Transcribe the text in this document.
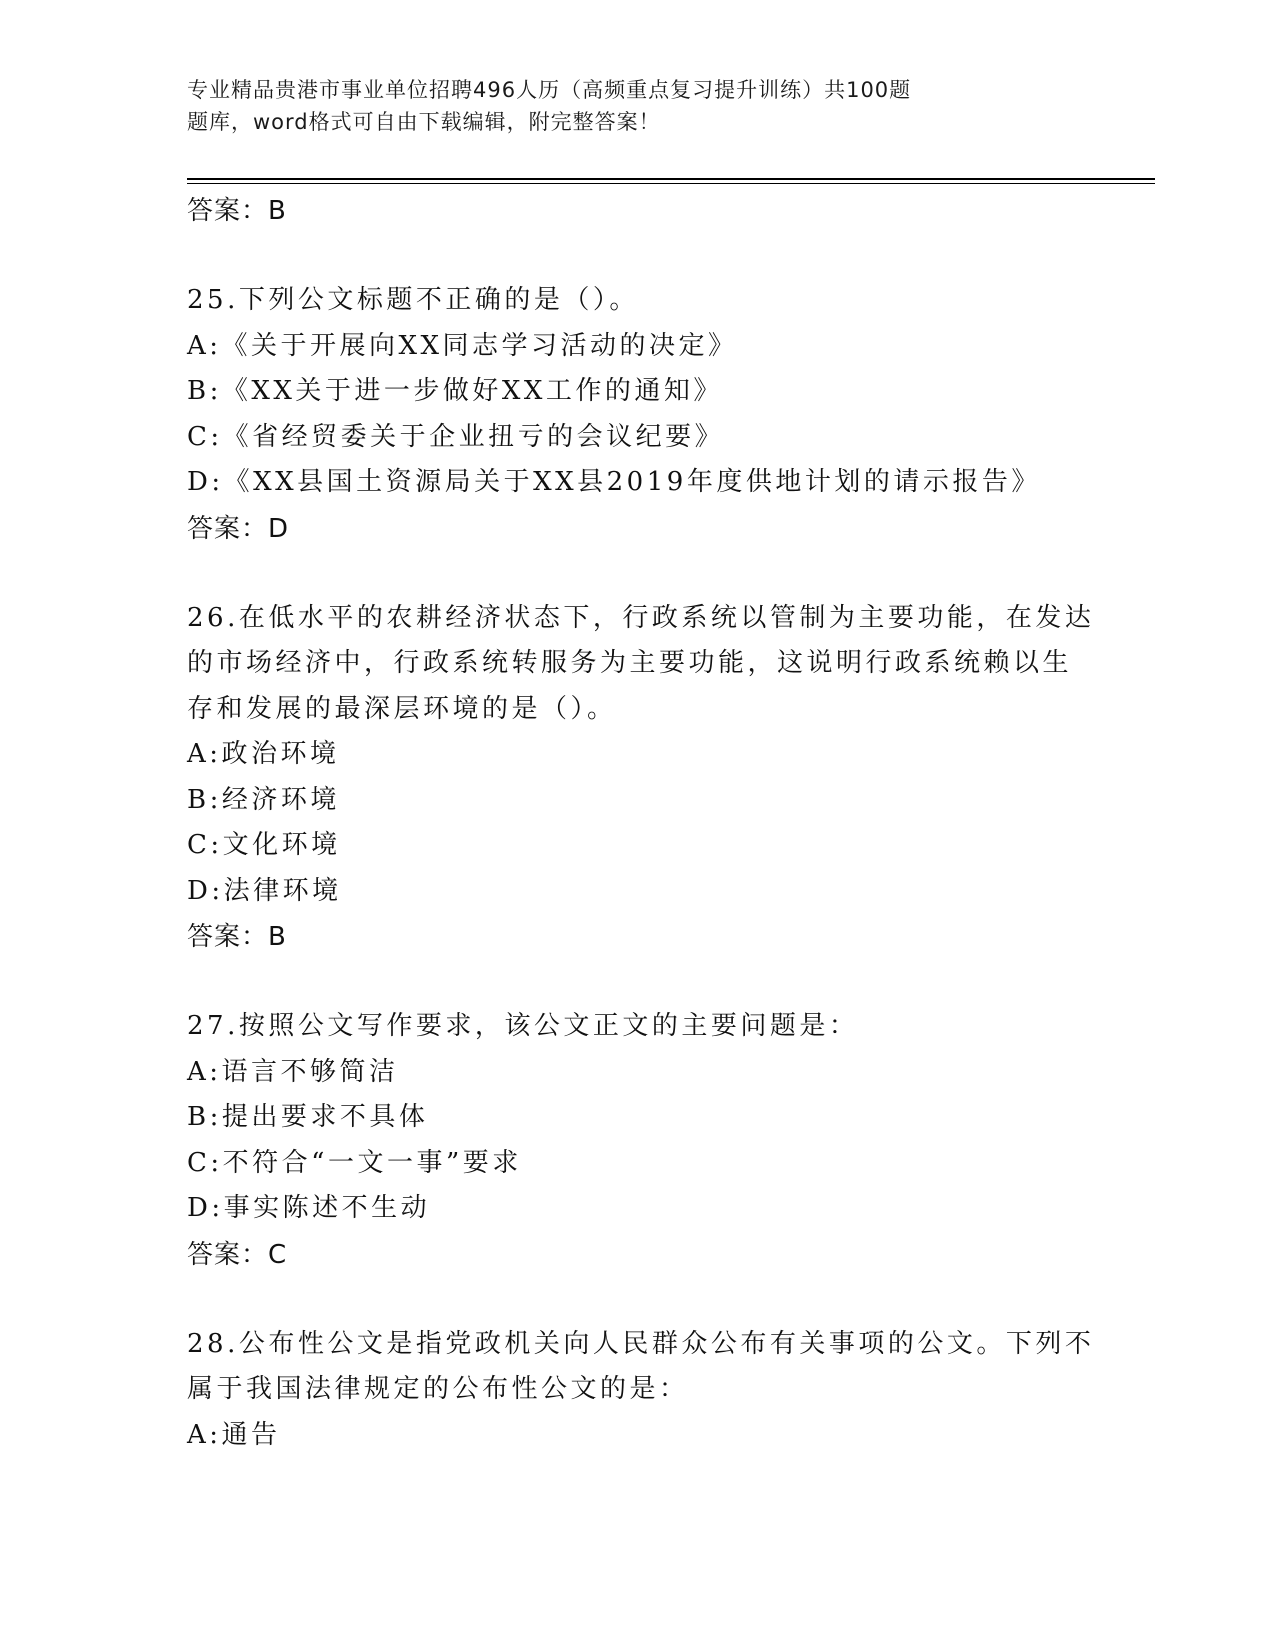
专业精品贵港市事业单位招聘496人历（高频重点复习提升训练）共100题
题库，word格式可自由下载编辑，附完整答案！
答案：B
25.下列公文标题不正确的是（）。
A:《关于开展向XX同志学习活动的决定》
B:《XX关于进一步做好XX工作的通知》
C:《省经贸委关于企业扭亏的会议纪要》
D:《XX县国土资源局关于XX县2019年度供地计划的请示报告》
答案：D
26.在低水平的农耕经济状态下，行政系统以管制为主要功能，在发达
的市场经济中，行政系统转服务为主要功能，这说明行政系统赖以生
存和发展的最深层环境的是（）。
A:政治环境
B:经济环境
C:文化环境
D:法律环境
答案：B
27.按照公文写作要求，该公文正文的主要问题是：
A:语言不够简洁
B:提出要求不具体
C:不符合“一文一事”要求
D:事实陈述不生动
答案：C
28.公布性公文是指党政机关向人民群众公布有关事项的公文。下列不
属于我国法律规定的公布性公文的是：
A:通告
